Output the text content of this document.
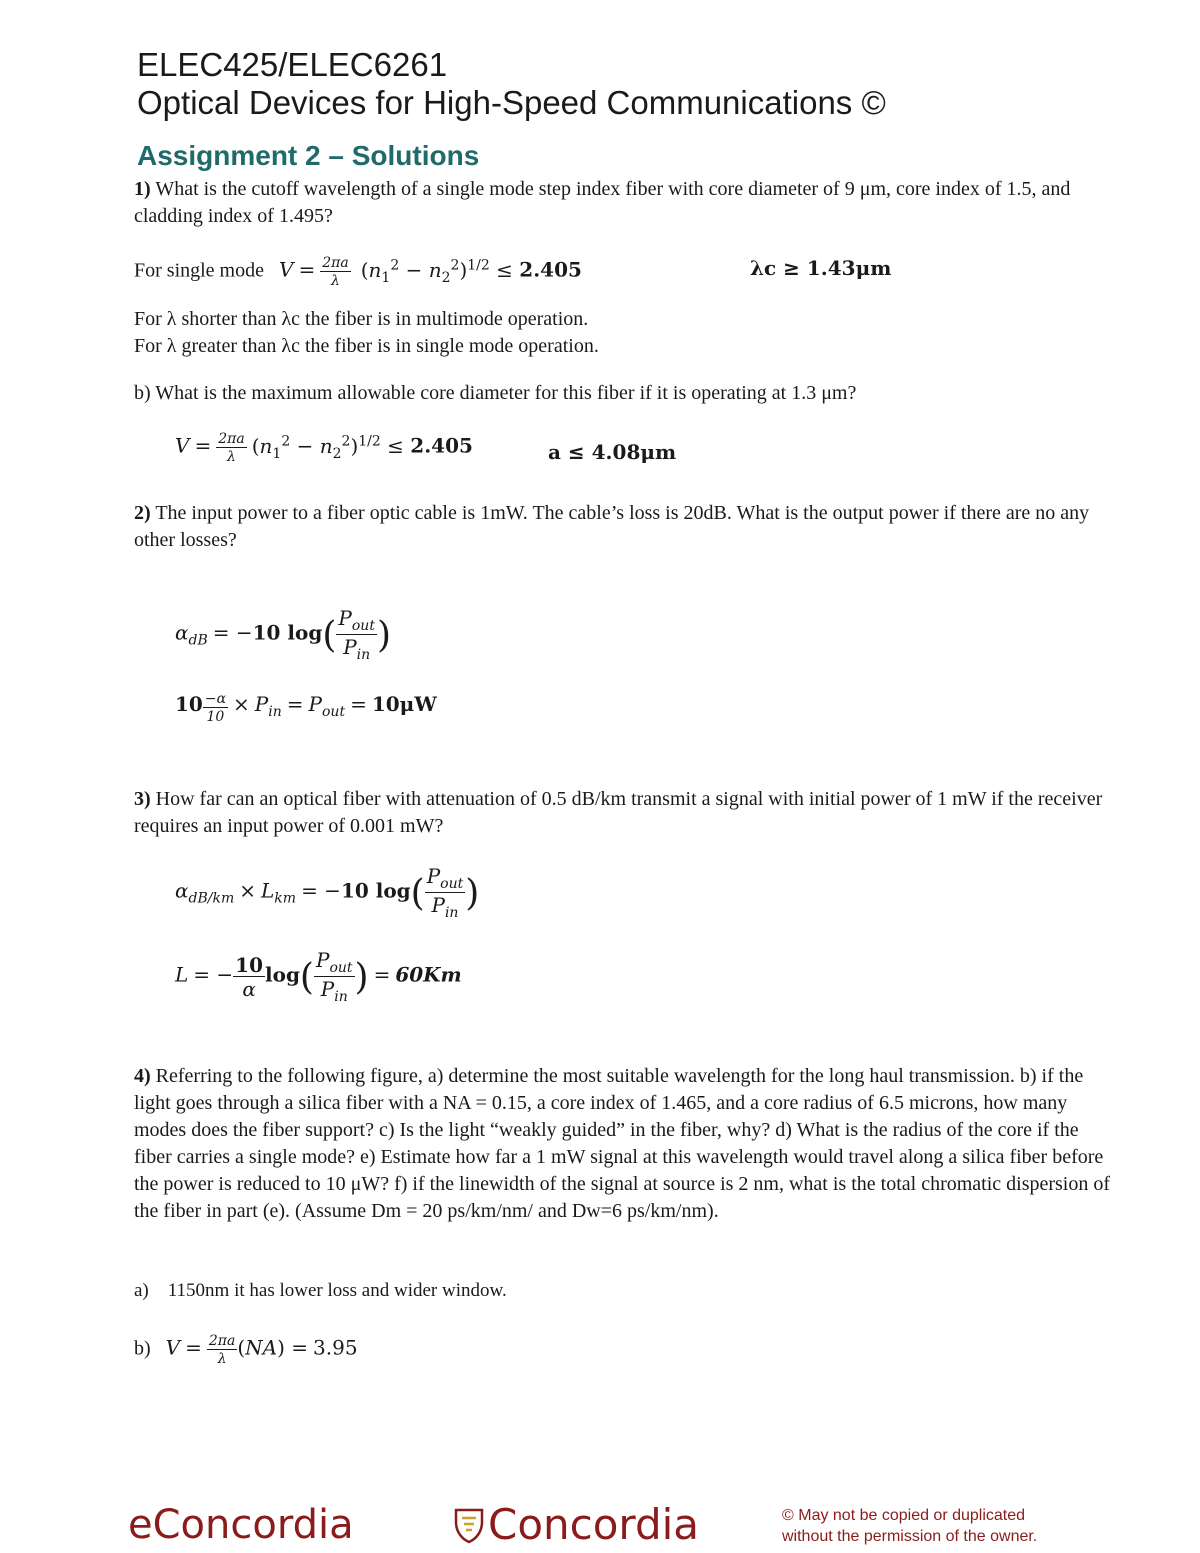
ELEC425/ELEC6261
Optical Devices for High-Speed Communications ©
Assignment 2 – Solutions
1) What is the cutoff wavelength of a single mode step index fiber with core diameter of 9 μm, core index of 1.5, and cladding index of 1.495?
For single mode $V = \frac{2\pi a}{\lambda} (n_1^2 - n_2^2)^{1/2} \le 2.405$	λc ≥ 1.43μm
For λ shorter than λc the fiber is in multimode operation.
For λ greater than λc the fiber is in single mode operation.
b) What is the maximum allowable core diameter for this fiber if it is operating at 1.3 μm?
$V = \frac{2\pi a}{\lambda} (n_1^2 - n_2^2)^{1/2} \le 2.405$	a ≤ 4.08μm
2) The input power to a fiber optic cable is 1mW. The cable’s loss is 20dB. What is the output power if there are no any other losses?
$\alpha_{dB} = -10$ $\log( \frac{P_{out}}{P_{in}}$ )
$10 \frac{-\alpha}{10} \times P_{in} = P_{out} = 10\mu W$
3) How far can an optical fiber with attenuation of 0.5 dB/km transmit a signal with initial power of 1 mW if the receiver requires an input power of 0.001 mW?
$\alpha_{dB/km} \times L_{km} = -10$ $\log( \frac{P_{out}}{P_{in}}$ )
L = − $\frac{10}{\alpha} \log( \frac{P_{out}}{P_{in}}$ ) = 60Km
4) Referring to the following figure, a) determine the most suitable wavelength for the long haul transmission. b) if the light goes through a silica fiber with a NA = 0.15, a core index of 1.465, and a core radius of 6.5 microns, how many modes does the fiber support? c) Is the light “weakly guided” in the fiber, why? d) What is the radius of the core if the fiber carries a single mode? e) Estimate how far a 1 mW signal at this wavelength would travel along a silica fiber before the power is reduced to 10 μW? f) if the linewidth of the signal at source is 2 nm, what is the total chromatic dispersion of the fiber in part (e). (Assume Dm = 20 ps/km/nm/ and Dw=6 ps/km/nm).
a) 1150nm it has lower loss and wider window.
b) $V = \frac{2\pi a}{\lambda} (NA) = 3.95$
eConcordia	Concordia	© May not be copied or duplicated
without the permission of the owner.
